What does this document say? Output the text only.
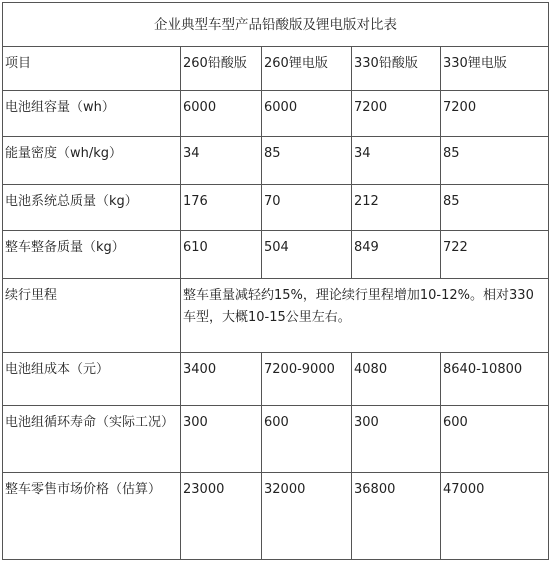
企业典型车型产品铅酸版及锂电版对比表				
项目	260铅酸版	260锂电版	330铅酸版	330锂电版
电池组容量（wh）	6000	6000	7200	7200
能量密度（wh/kg）	34	85	34	85
电池系统总质量（kg）	176	70	212	85
整车整备质量（kg）	610	504	849	722
续行里程	整车重量减轻约15%，理论续行里程增加10-12%。相对330车型，大概10-15公里左右。			
电池组成本（元）	3400	7200-9000	4080	8640-10800
电池组循环寿命（实际工况）	300	600	300	600
整车零售市场价格（估算）	23000	32000	36800	47000
